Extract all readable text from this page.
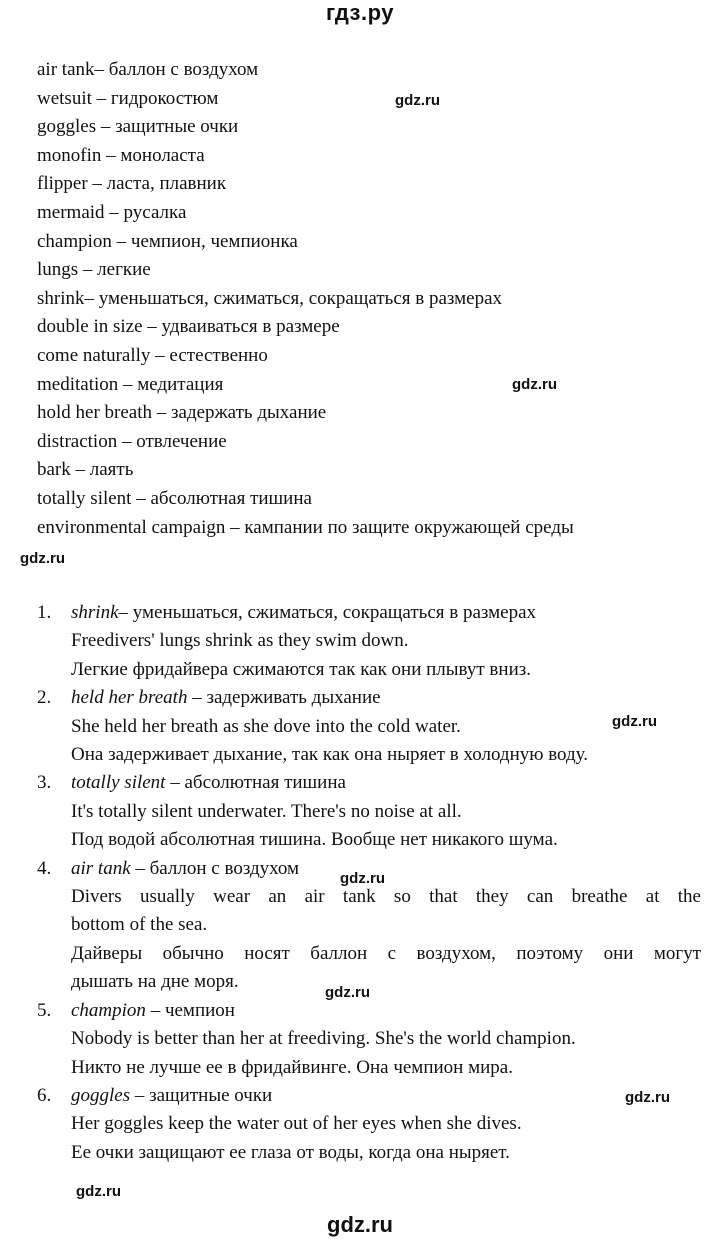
гдз.ру
air tank– баллон с воздухом
wetsuit – гидрокостюм
goggles – защитные очки
monofin – моноласта
flipper – ласта, плавник
mermaid – русалка
champion – чемпион, чемпионка
lungs – легкие
shrink– уменьшаться, сжиматься, сокращаться в размерах
double in size – удваиваться в размере
come naturally – естественно
meditation – медитация
hold her breath – задержать дыхание
distraction – отвлечение
bark – лаять
totally silent – абсолютная тишина
environmental campaign – кампании по защите окружающей среды
1. shrink– уменьшаться, сжиматься, сокращаться в размерах
Freedivers' lungs shrink as they swim down.
Легкие фридайвера сжимаются так как они плывут вниз.
2. held her breath – задерживать дыхание
She held her breath as she dove into the cold water.
Она задерживает дыхание, так как она ныряет в холодную воду.
3. totally silent – абсолютная тишина
It's totally silent underwater. There's no noise at all.
Под водой абсолютная тишина. Вообще нет никакого шума.
4. air tank – баллон с воздухом
Divers usually wear an air tank so that they can breathe at the
bottom of the sea.
Дайверы обычно носят баллон с воздухом, поэтому они могут
дышать на дне моря.
5. champion – чемпион
Nobody is better than her at freediving. She's the world champion.
Никто не лучше ее в фридайвинге. Она чемпион мира.
6. goggles – защитные очки
Her goggles keep the water out of her eyes when she dives.
Ее очки защищают ее глаза от воды, когда она ныряет.
gdz.ru
gdz.ru
gdz.ru
gdz.ru
gdz.ru
gdz.ru
gdz.ru
gdz.ru
gdz.ru
